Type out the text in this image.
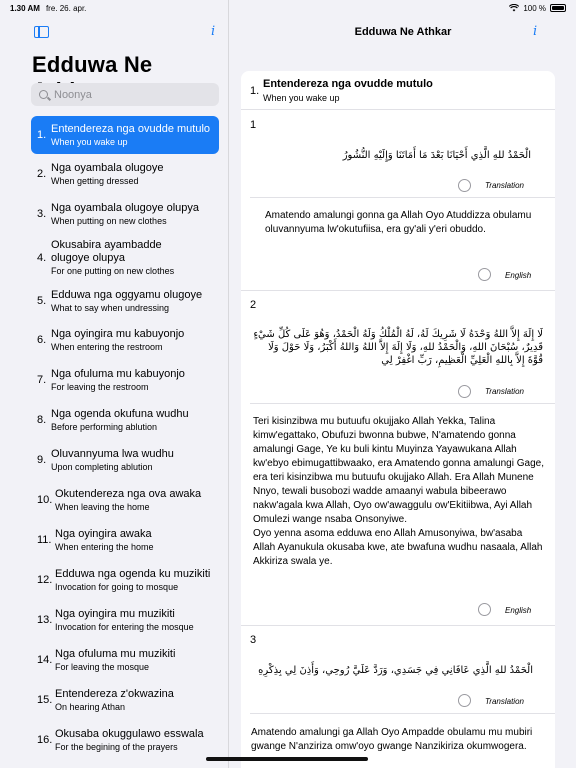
1.30 AM fre. 26. apr.	100 %
i
Edduwa Ne
Noonya
1.
Entendereza nga ovudde mutulo
When you wake up
2.
Nga oyambala olugoye
When getting dressed
3.
Nga oyambala olugoye olupya
When putting on new clothes
4.
Okusabira ayambadde olugoye olupya
For one putting on new clothes
5.
Edduwa nga oggyamu olugoye
What to say when undressing
6.
Nga oyingira mu kabuyonjo
When entering the restroom
7.
Nga ofuluma mu kabuyonjo
For leaving the restroom
8.
Nga ogenda okufuna wudhu
Before performing ablution
9.
Oluvannyuma lwa wudhu
Upon completing ablution
10.
Okutendereza nga ova awaka
When leaving the home
11.
Nga oyingira awaka
When entering the home
12.
Edduwa nga ogenda ku muzikiti
Invocation for going to mosque
13.
Nga oyingira mu muzikiti
Invocation for entering the mosque
14.
Nga ofuluma mu muzikiti
For leaving the mosque
15.
Entendereza z'okwazina
On hearing Athan
16.
Okusaba okuggulawo esswala
For the begining of the prayers
Edduwa Ne Athkar	i
1.
Entendereza nga ovudde mutulo
When you wake up
1
الْحَمْدُ للهِ الَّذِي أَحْيَانَا بَعْدَ مَا أَمَاتَنَا وَإِلَيْهِ النُّشُورُ
Translation
Amatendo amalungi gonna ga Allah Oyo Atuddizza obulamu oluvannyuma lw'okutufiisa, era gy'ali y'eri obuddo.
English
2
لَا إِلَهَ إِلاَّ اللهُ وَحْدَهُ لَا شَرِيكَ لَهُ، لَهُ الْمُلْكُ وَلَهُ الْحَمْدُ، وَهُوَ عَلَى كُلِّ شَيْءٍ قَدِيرٌ، سُبْحَانَ اللهِ، وَالْحَمْدُ للهِ، وَلَا إِلَهَ إِلاَّ اللهُ وَاللهُ أَكْبَرُ، وَلَا حَوْلَ وَلَا قُوَّةَ إِلاَّ بِاللهِ الْعَلِيِّ الْعَظِيمِ، رَبِّ اغْفِرْ لِي
Translation
Teri kisinzibwa mu butuufu okujjako Allah Yekka, Talina kimw'egattako, Obufuzi bwonna bubwe, N'amatendo gonna amalungi Gage, Ye ku buli kintu Muyinza Yayawukana Allah kw'ebyo ebimugattibwaako, era Amatendo gonna amalungi Gage, era teri kisinzibwa mu butuufu okujjako Allah. Era Allah Munene Nnyo, tewali busobozi wadde amaanyi wabula bibeerawo nakw'agala kwa Allah, Oyo ow'awaggulu ow'Ekitiibwa, Ayi Allah Omulezi wange nsaba Onsonyiwe.
Oyo yenna asoma edduwa eno Allah Amusonyiwa, bw'asaba Allah Ayanukula okusaba kwe, ate bwafuna wudhu nasaala, Allah Akkiriza swala ye.
English
3
الْحَمْدُ للهِ الَّذِي عَافَانِي فِي جَسَدِي، وَرَدَّ عَلَيَّ رُوحِي، وَأَذِنَ لِي بِذِكْرِهِ
Translation
Amatendo amalungi ga Allah Oyo Ampadde obulamu mu mubiri gwange N'anziriza omw'oyo gwange Nanzikiriza okumwogera.
